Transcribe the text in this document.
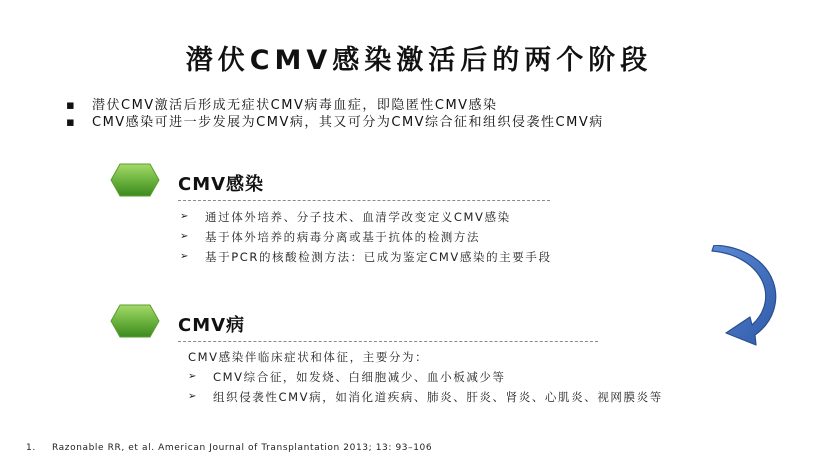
潜伏CMV感染激活后的两个阶段
▪ 潜伏CMV激活后形成无症状CMV病毒血症，即隐匿性CMV感染
▪ CMV感染可进一步发展为CMV病，其又可分为CMV综合征和组织侵袭性CMV病
CMV感染
➢ 通过体外培养、分子技术、血清学改变定义CMV感染
➢ 基于体外培养的病毒分离或基于抗体的检测方法
➢ 基于PCR的核酸检测方法：已成为鉴定CMV感染的主要手段
CMV病
CMV感染伴临床症状和体征，主要分为：
➢ CMV综合征，如发烧、白细胞减少、血小板减少等
➢ 组织侵袭性CMV病，如消化道疾病、肺炎、肝炎、肾炎、心肌炎、视网膜炎等
1. Razonable RR, et al. American Journal of Transplantation 2013; 13: 93–106
